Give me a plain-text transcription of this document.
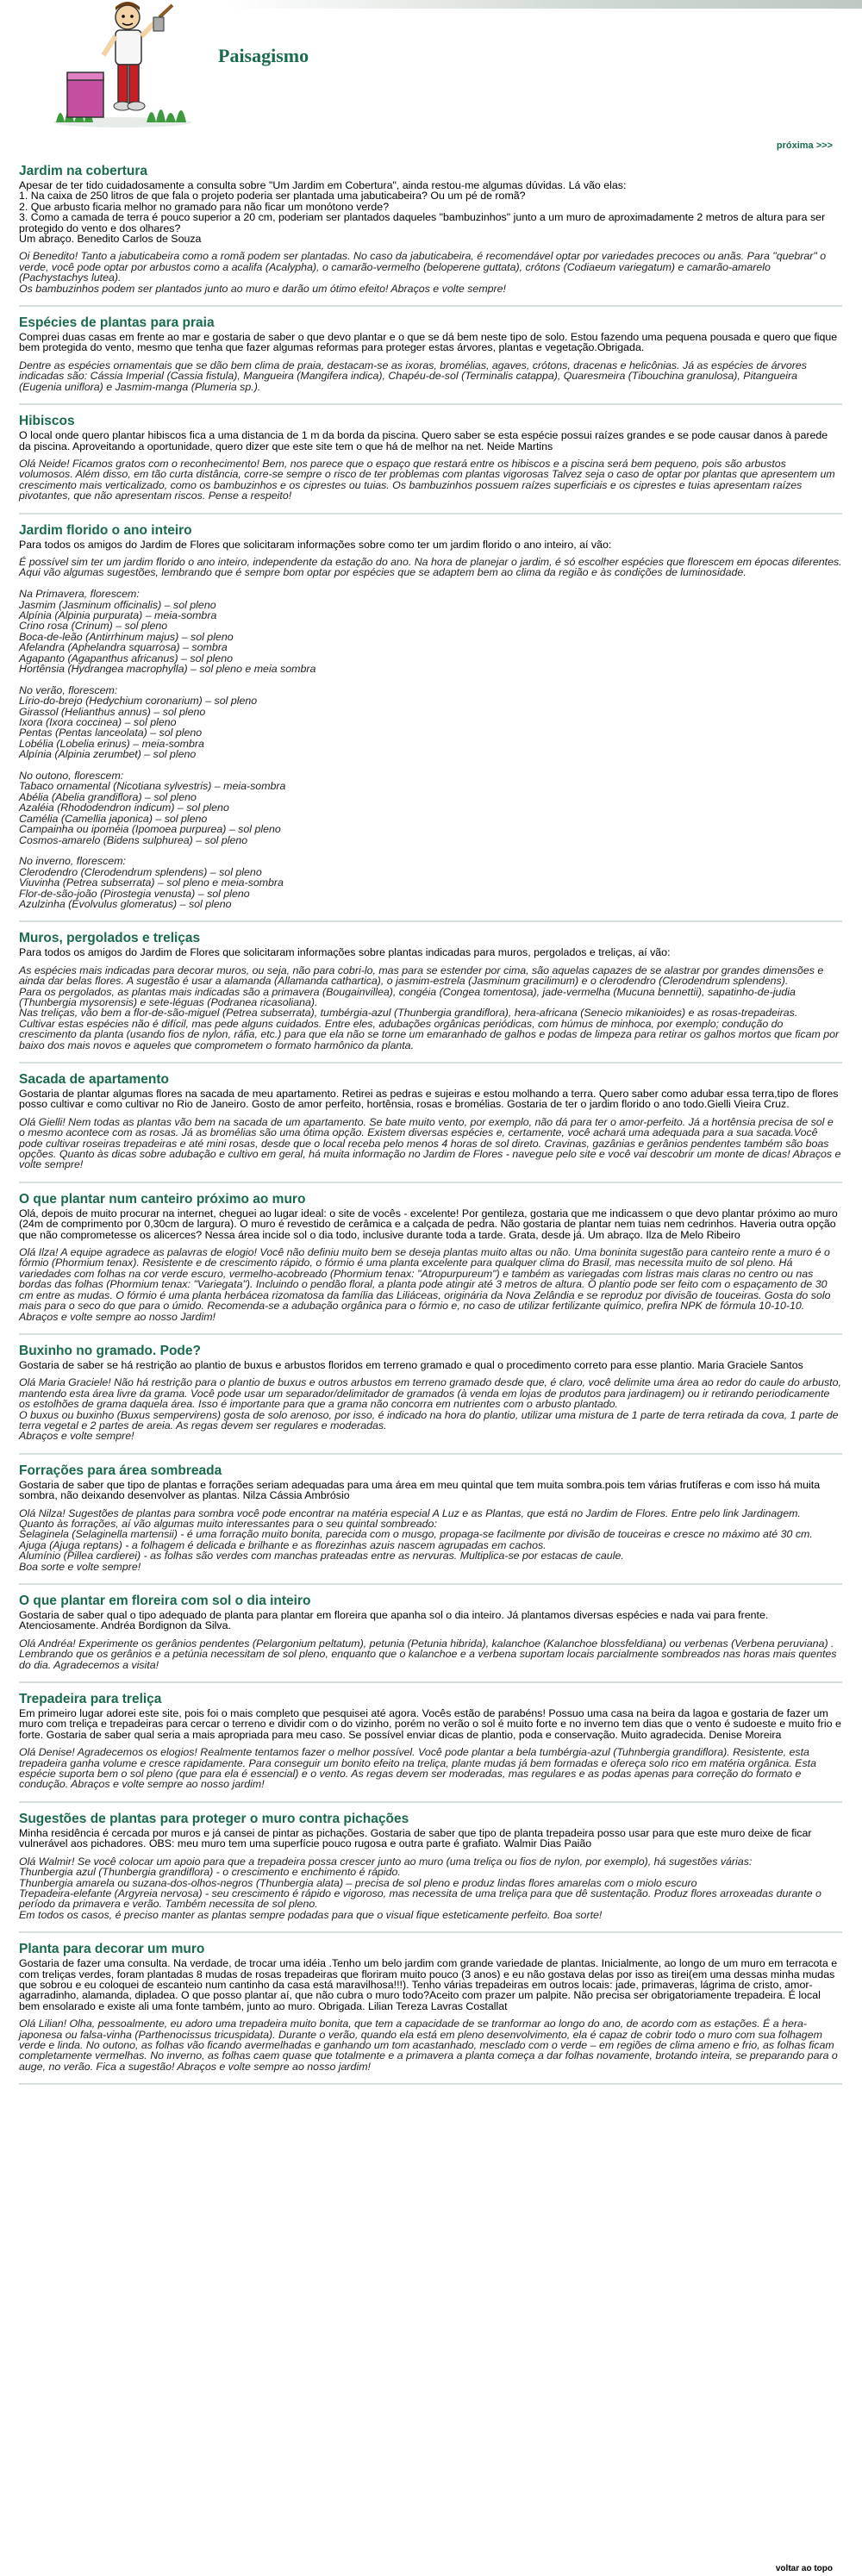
Paisagismo
próxima >>>
Jardim na cobertura

Apesar de ter tido cuidadosamente a consulta sobre "Um Jardim em Cobertura", ainda restou-me algumas dúvidas. Lá vão elas:
1. Na caixa de 250 litros de que fala o projeto poderia ser plantada uma jabuticabeira? Ou um pé de romã?
2. Que arbusto ficaria melhor no gramado para não ficar um monótono verde?
3. Como a camada de terra é pouco superior a 20 cm, poderiam ser plantados daqueles "bambuzinhos" junto a um muro de aproximadamente 2 metros de altura para ser protegido do vento e dos olhares?
Um abraço. Benedito Carlos de Souza

Oi Benedito! Tanto a jabuticabeira como a romã podem ser plantadas. No caso da jabuticabeira, é recomendável optar por variedades precoces ou anãs. Para "quebrar" o verde, você pode optar por arbustos como a acalifa (Acalypha), o camarão-vermelho (beloperene guttata), crótons (Codiaeum variegatum) e camarão-amarelo (Pachystachys lutea).
Os bambuzinhos podem ser plantados junto ao muro e darão um ótimo efeito! Abraços e volte sempre!

Espécies de plantas para praia

Comprei duas casas em frente ao mar e gostaria de saber o que devo plantar e o que se dá bem neste tipo de solo. Estou fazendo uma pequena pousada e quero que fique bem protegida do vento, mesmo que tenha que fazer algumas reformas para proteger estas árvores, plantas e vegetação.Obrigada.

Dentre as espécies ornamentais que se dão bem clima de praia, destacam-se as ixoras, bromélias, agaves, crótons, dracenas e helicônias. Já as espécies de árvores indicadas são: Cássia Imperial (Cassia fistula), Mangueira (Mangifera indica), Chapéu-de-sol (Terminalis catappa), Quaresmeira (Tibouchina granulosa), Pitangueira (Eugenia uniflora) e Jasmim-manga (Plumeria sp.).

Hibiscos

O local onde quero plantar hibiscos fica a uma distancia de 1 m da borda da piscina. Quero saber se esta espécie possui raízes grandes e se pode causar danos à parede da piscina. Aproveitando a oportunidade, quero dizer que este site tem o que há de melhor na net. Neide Martins

Olá Neide! Ficamos gratos com o reconhecimento! Bem, nos parece que o espaço que restará entre os hibiscos e a piscina será bem pequeno, pois são arbustos volumosos. Além disso, em tão curta distância, corre-se sempre o risco de ter problemas com plantas vigorosas Talvez seja o caso de optar por plantas que apresentem um crescimento mais verticalizado, como os bambuzinhos e os ciprestes ou tuias. Os bambuzinhos possuem raízes superficiais e os ciprestes e tuias apresentam raízes pivotantes, que não apresentam riscos. Pense a respeito!

Jardim florido o ano inteiro

Para todos os amigos do Jardim de Flores que solicitaram informações sobre como ter um jardim florido o ano inteiro, aí vão:

É possível sim ter um jardim florido o ano inteiro, independente da estação do ano. Na hora de planejar o jardim, é só escolher espécies que florescem em épocas diferentes. Aqui vão algumas sugestões, lembrando que é sempre bom optar por espécies que se adaptem bem ao clima da região e às condições de luminosidade.

Na Primavera, florescem:
Jasmim (Jasminum officinalis) – sol pleno
Alpínia (Alpinia purpurata) – meia-sombra
Crino rosa (Crinum) – sol pleno
Boca-de-leão (Antirrhinum majus) – sol pleno
Afelandra (Aphelandra squarrosa) – sombra
Agapanto (Agapanthus africanus) – sol pleno
Hortênsia (Hydrangea macrophylla) – sol pleno e meia sombra

No verão, florescem:
Lírio-do-brejo (Hedychium coronarium) – sol pleno
Girassol (Helianthus annus) – sol pleno
Ixora (Ixora coccinea) – sol pleno
Pentas (Pentas lanceolata) – sol pleno
Lobélia (Lobelia erinus) – meia-sombra
Alpínia (Alpinia zerumbet) – sol pleno

No outono, florescem:
Tabaco ornamental (Nicotiana sylvestris) – meia-sombra
Abélia (Abelia grandiflora) – sol pleno
Azaléia (Rhododendron indicum) – sol pleno
Camélia (Camellia japonica) – sol pleno
Campainha ou ipoméia (Ipomoea purpurea) – sol pleno
Cosmos-amarelo (Bidens sulphurea) – sol pleno

No inverno, florescem:
Clerodendro (Clerodendrum splendens) – sol pleno
Viuvinha (Petrea subserrata) – sol pleno e meia-sombra
Flor-de-são-joão (Pirostegia venusta) – sol pleno
Azulzinha (Evolvulus glomeratus) – sol pleno

Muros, pergolados e treliças

Para todos os amigos do Jardim de Flores que solicitaram informações sobre plantas indicadas para muros, pergolados e treliças, aí vão:

As espécies mais indicadas para decorar muros, ou seja, não para cobri-lo, mas para se estender por cima, são aquelas capazes de se alastrar por grandes dimensões e ainda dar belas flores. A sugestão é usar a alamanda (Allamanda cathartica), o jasmim-estrela (Jasminum gracilimum) e o clerodendro (Clerodendrum splendens).
Para os pergolados, as plantas mais indicadas são a primavera (Bougainvillea), congéia (Congea tomentosa), jade-vermelha (Mucuna bennettii), sapatinho-de-judia (Thunbergia mysorensis) e sete-léguas (Podranea ricasoliana).
Nas treliças, vão bem a flor-de-são-miguel (Petrea subserrata), tumbérgia-azul (Thunbergia grandiflora), hera-africana (Senecio mikanioides) e as rosas-trepadeiras.
Cultivar estas espécies não é difícil, mas pede alguns cuidados. Entre eles, adubações orgânicas periódicas, com húmus de minhoca, por exemplo; condução do crescimento da planta (usando fios de nylon, ráfia, etc.) para que ela não se torne um emaranhado de galhos e podas de limpeza para retirar os galhos mortos que ficam por baixo dos mais novos e aqueles que comprometem o formato harmônico da planta.

Sacada de apartamento

Gostaria de plantar algumas flores na sacada de meu apartamento. Retirei as pedras e sujeiras e estou molhando a terra. Quero saber como adubar essa terra,tipo de flores posso cultivar e como cultivar no Rio de Janeiro. Gosto de amor perfeito, hortênsia, rosas e bromélias. Gostaria de ter o jardim florido o ano todo.Gielli Vieira Cruz.

Olá Gielli! Nem todas as plantas vão bem na sacada de um apartamento. Se bate muito vento, por exemplo, não dá para ter o amor-perfeito. Já a hortênsia precisa de sol e o mesmo acontece com as rosas. Já as bromélias são uma ótima opção. Existem diversas espécies e, certamente, você achará uma adequada para a sua sacada.Você pode cultivar roseiras trepadeiras e até mini rosas, desde que o local receba pelo menos 4 horas de sol direto. Cravinas, gazânias e gerânios pendentes também são boas opções. Quanto às dicas sobre adubação e cultivo em geral, há muita informação no Jardim de Flores - navegue pelo site e você vai descobrir um monte de dicas! Abraços e volte sempre!

O que plantar num canteiro próximo ao muro

Olá, depois de muito procurar na internet, cheguei ao lugar ideal: o site de vocês - excelente! Por gentileza, gostaria que me indicassem o que devo plantar próximo ao muro (24m de comprimento por 0,30cm de largura). O muro é revestido de cerâmica e a calçada de pedra. Não gostaria de plantar nem tuias nem cedrinhos. Haveria outra opção que não comprometesse os alicerces? Nessa área incide sol o dia todo, inclusive durante toda a tarde. Grata, desde já. Um abraço. Ilza de Melo Ribeiro

Olá Ilza! A equipe agradece as palavras de elogio! Você não definiu muito bem se deseja plantas muito altas ou não. Uma boninita sugestão para canteiro rente a muro é o fórmio (Phormium tenax). Resistente e de crescimento rápido, o fórmio é uma planta excelente para qualquer clima do Brasil, mas necessita muito de sol pleno. Há variedades com folhas na cor verde escuro, vermelho-acobreado (Phormium tenax: "Atropurpureum") e também as variegadas com listras mais claras no centro ou nas bordas das folhas (Phormium tenax: "Variegata"). Incluindo o pendão floral, a planta pode atingir até 3 metros de altura. O plantio pode ser feito com o espaçamento de 30 cm entre as mudas. O fórmio é uma planta herbácea rizomatosa da família das Liliáceas, originária da Nova Zelândia e se reproduz por divisão de touceiras. Gosta do solo mais para o seco do que para o úmido. Recomenda-se a adubação orgânica para o fórmio e, no caso de utilizar fertilizante químico, prefira NPK de fórmula 10-10-10. Abraços e volte sempre ao nosso Jardim!

Buxinho no gramado. Pode?

Gostaria de saber se há restrição ao plantio de buxus e arbustos floridos em terreno gramado e qual o procedimento correto para esse plantio. Maria Graciele Santos

Olá Maria Graciele! Não há restrição para o plantio de buxus e outros arbustos em terreno gramado desde que, é claro, você delimite uma área ao redor do caule do arbusto, mantendo esta área livre da grama. Você pode usar um separador/delimitador de gramados (à venda em lojas de produtos para jardinagem) ou ir retirando periodicamente os estolhões de grama daquela área. Isso é importante para que a grama não concorra em nutrientes com o arbusto plantado.
O buxus ou buxinho (Buxus sempervirens) gosta de solo arenoso, por isso, é indicado na hora do plantio, utilizar uma mistura de 1 parte de terra retirada da cova, 1 parte de terra vegetal e 2 partes de areia. As regas devem ser regulares e moderadas.
Abraços e volte sempre!

Forrações para área sombreada

Gostaria de saber que tipo de plantas e forrações seriam adequadas para uma área em meu quintal que tem muita sombra.pois tem várias frutíferas e com isso há muita sombra, não deixando desenvolver as plantas. Nilza Cássia Ambrósio

Olá Nilza! Sugestões de plantas para sombra você pode encontrar na matéria especial A Luz e as Plantas, que está no Jardim de Flores. Entre pelo link Jardinagem.
Quanto às forrações, aí vão algumas muito interessantes para o seu quintal sombreado:
Selaginela (Selaginella martensii) - é uma forração muito bonita, parecida com o musgo, propaga-se facilmente por divisão de touceiras e cresce no máximo até 30 cm.
Ajuga (Ajuga reptans) - a folhagem é delicada e brilhante e as florezinhas azuis nascem agrupadas em cachos.
Alumínio (Pillea cardierei) - as folhas são verdes com manchas prateadas entre as nervuras. Multiplica-se por estacas de caule.
Boa sorte e volte sempre!

O que plantar em floreira com sol o dia inteiro

Gostaria de saber qual o tipo adequado de planta para plantar em floreira que apanha sol o dia inteiro. Já plantamos diversas espécies e nada vai para frente. Atenciosamente. Andréa Bordignon da Silva.

Olá Andréa! Experimente os gerânios pendentes (Pelargonium peltatum), petunia (Petunia hibrida), kalanchoe (Kalanchoe blossfeldiana) ou verbenas (Verbena peruviana) . Lembrando que os gerânios e a petúnia necessitam de sol pleno, enquanto que o kalanchoe e a verbena suportam locais parcialmente sombreados nas horas mais quentes do dia. Agradecemos a visita!

Trepadeira para treliça

Em primeiro lugar adorei este site, pois foi o mais completo que pesquisei até agora. Vocês estão de parabéns! Possuo uma casa na beira da lagoa e gostaria de fazer um muro com treliça e trepadeiras para cercar o terreno e dividir com o do vizinho, porém no verão o sol é muito forte e no inverno tem dias que o vento é sudoeste e muito frio e forte. Gostaria de saber qual seria a mais apropriada para meu caso. Se possível enviar dicas de plantio, poda e conservação. Muito agradecida. Denise Moreira

Olá Denise! Agradecemos os elogios! Realmente tentamos fazer o melhor possível. Você pode plantar a bela tumbérgia-azul (Tuhnbergia grandiflora). Resistente, esta trepadeira ganha volume e cresce rapidamente. Para conseguir um bonito efeito na treliça, plante mudas já bem formadas e ofereça solo rico em matéria orgânica. Esta espécie suporta bem o sol pleno (que para ela é essencial) e o vento. As regas devem ser moderadas, mas regulares e as podas apenas para correção do formato e condução. Abraços e volte sempre ao nosso jardim!

Sugestões de plantas para proteger o muro contra pichações

Minha residência é cercada por muros e já cansei de pintar as pichações. Gostaria de saber que tipo de planta trepadeira posso usar para que este muro deixe de ficar vulnerável aos pichadores. OBS: meu muro tem uma superfície pouco rugosa e outra parte é grafiato. Walmir Dias Paião

Olá Walmir! Se você colocar um apoio para que a trepadeira possa crescer junto ao muro (uma treliça ou fios de nylon, por exemplo), há sugestões várias:
Thunbergia azul (Thunbergia grandiflora) - o crescimento e enchimento é rápido.
Thunbergia amarela ou suzana-dos-olhos-negros (Thunbergia alata) – precisa de sol pleno e produz lindas flores amarelas com o miolo escuro
Trepadeira-elefante (Argyreia nervosa) - seu crescimento é rápido e vigoroso, mas necessita de uma treliça para que dê sustentação. Produz flores arroxeadas durante o período da primavera e verão. Também necessita de sol pleno.
Em todos os casos, é preciso manter as plantas sempre podadas para que o visual fique esteticamente perfeito. Boa sorte!

Planta para decorar um muro

Gostaria de fazer uma consulta. Na verdade, de trocar uma idéia .Tenho um belo jardim com grande variedade de plantas. Inicialmente, ao longo de um muro em terracota e com treliças verdes, foram plantadas 8 mudas de rosas trepadeiras que floriram muito pouco (3 anos) e eu não gostava delas por isso as tirei(em uma dessas minha mudas que sobrou e eu coloquei de escanteio num cantinho da casa está maravilhosa!!!). Tenho várias trepadeiras em outros locais: jade, primaveras, lágrima de cristo, amor-agarradinho, alamanda, dipladea. O que posso plantar aí, que não cubra o muro todo?Aceito com prazer um palpite. Não precisa ser obrigatoriamente trepadeira. É local bem ensolarado e existe ali uma fonte também, junto ao muro. Obrigada. Lilian Tereza Lavras Costallat

Olá Lilian! Olha, pessoalmente, eu adoro uma trepadeira muito bonita, que tem a capacidade de se tranformar ao longo do ano, de acordo com as estações. É a hera-japonesa ou falsa-vinha (Parthenocissus tricuspidata). Durante o verão, quando ela está em pleno desenvolvimento, ela é capaz de cobrir todo o muro com sua folhagem verde e linda. No outono, as folhas vão ficando avermelhadas e ganhando um tom acastanhado, mesclado com o verde – em regiões de clima ameno e frio, as folhas ficam completamente vermelhas. No inverno, as folhas caem quase que totalmente e a primavera a planta começa a dar folhas novamente, brotando inteira, se preparando para o auge, no verão. Fica a sugestão! Abraços e volte sempre ao nosso jardim!

voltar ao topo
